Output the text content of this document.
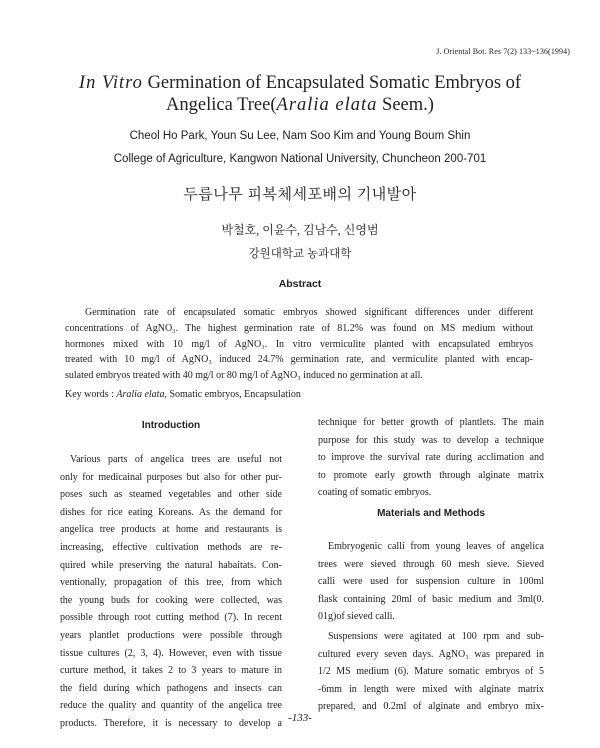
J. Oriental Bot. Res 7(2) 133~136(1994)
In Vitro Germination of Encapsulated Somatic Embryos of
Angelica Tree(Aralia elata Seem.)
Cheol Ho Park, Youn Su Lee, Nam Soo Kim and Young Boum Shin
College of Agriculture, Kangwon National University, Chuncheon 200-701
두릅나무 피복체세포배의 기내발아
박철호, 이윤수, 김남수, 신영범
강원대학교 농과대학
Abstract
Germination rate of encapsulated somatic embryos showed significant differences under different
concentrations of AgNO₃. The highest germination rate of 81.2% was found on MS medium without
hormones mixed with 10 mg/l of AgNO₃. In vitro vermiculite planted with encapsulated embryos
treated with 10 mg/l of AgNO₃ induced 24.7% germination rate, and vermiculite planted with encap-
sulated embryos treated with 40 mg/l or 80 mg/l of AgNO₃ induced no germination at all.
Key words : Aralia elata, Somatic embryos, Encapsulation
Introduction
Various parts of angelica trees are useful not
only for medicainal purposes but also for other pur-
poses such as steamed vegetables and other side
dishes for rice eating Koreans. As the demand for
angelica tree products at home and restaurants is
increasing, effective cultivation methods are re-
quired while preserving the natural habaitats. Con-
ventionally, propagation of this tree, from which
the young buds for cooking were collected, was
possible through root cutting method (7). In recent
years plantlet productions were possible through
tissue cultures (2, 3, 4). However, even with tissue
curture method, it takes 2 to 3 years to mature in
the field during which pathogens and insects can
reduce the quality and quantity of the angelica tree
products. Therefore, it is necessary to develop a
technique for better growth of plantlets. The main
purpose for this study was to develop a technique
to improve the survival rate during acclimation and
to promote early growth through alginate matrix
coating of somatic embryos.
Materials and Methods
Embryogenic calli from young leaves of angelica
trees were sieved through 60 mesh sieve. Sieved
calli were used for suspension culture in 100ml
flask containing 20ml of basic medium and 3ml(0.
01g)of sieved calli.
Suspensions were agitated at 100 rpm and sub-
cultured every seven days. AgNO₃ was prepared in
1/2 MS medium (6). Mature somatic embryos of 5
-6mm in length were mixed with alginate matrix
prepared, and 0.2ml of alginate and embryo mix-
-133-
